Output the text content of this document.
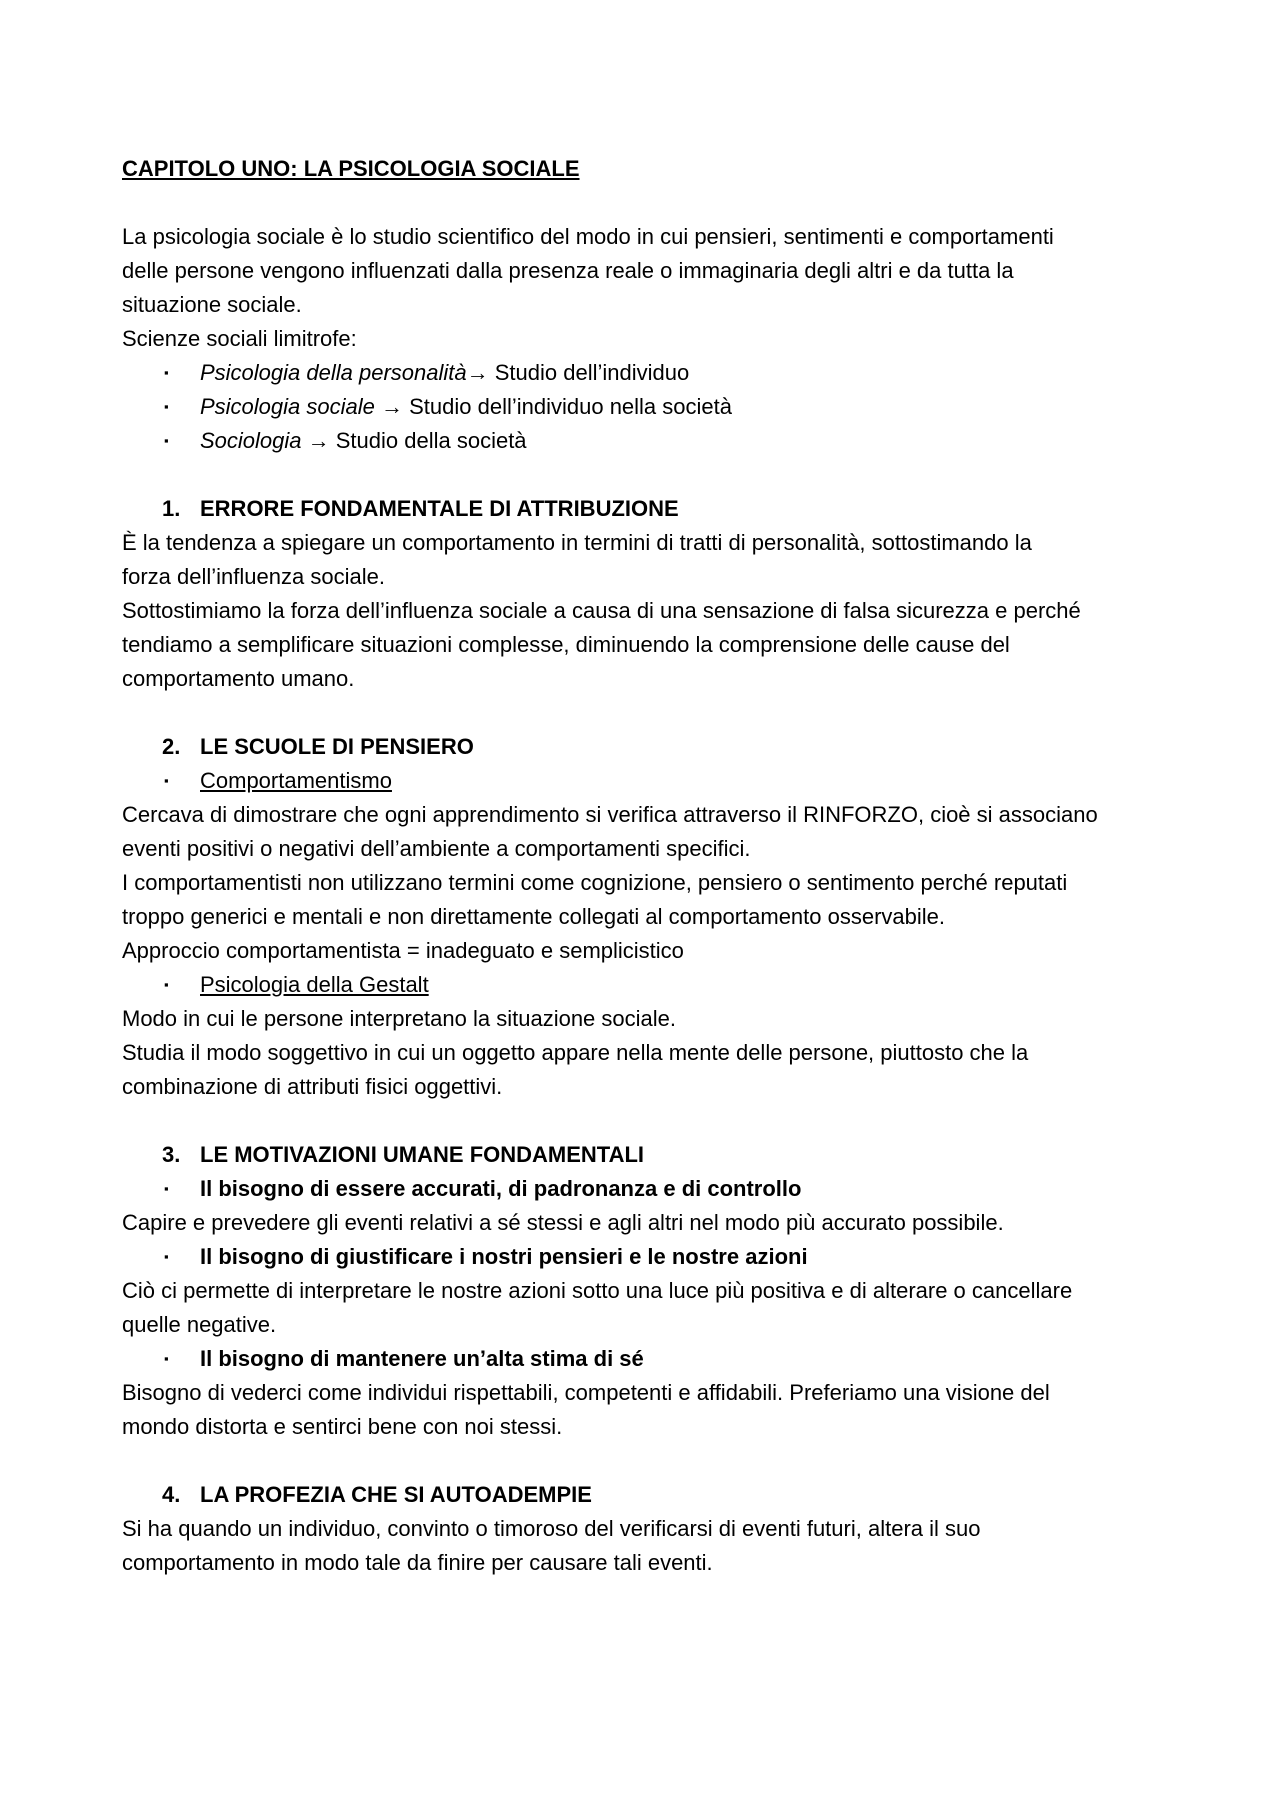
CAPITOLO UNO: LA PSICOLOGIA SOCIALE
La psicologia sociale è lo studio scientifico del modo in cui pensieri, sentimenti e comportamenti
delle persone vengono influenzati dalla presenza reale o immaginaria degli altri e da tutta la
situazione sociale.
Scienze sociali limitrofe:
▪ Psicologia della personalità→ Studio dell’individuo
▪ Psicologia sociale → Studio dell’individuo nella società
▪ Sociologia → Studio della società
1. ERRORE FONDAMENTALE DI ATTRIBUZIONE
È la tendenza a spiegare un comportamento in termini di tratti di personalità, sottostimando la
forza dell’influenza sociale.
Sottostimiamo la forza dell’influenza sociale a causa di una sensazione di falsa sicurezza e perché
tendiamo a semplificare situazioni complesse, diminuendo la comprensione delle cause del
comportamento umano.
2. LE SCUOLE DI PENSIERO
▪ Comportamentismo
Cercava di dimostrare che ogni apprendimento si verifica attraverso il RINFORZO, cioè si associano
eventi positivi o negativi dell’ambiente a comportamenti specifici.
I comportamentisti non utilizzano termini come cognizione, pensiero o sentimento perché reputati
troppo generici e mentali e non direttamente collegati al comportamento osservabile.
Approccio comportamentista = inadeguato e semplicistico
▪ Psicologia della Gestalt
Modo in cui le persone interpretano la situazione sociale.
Studia il modo soggettivo in cui un oggetto appare nella mente delle persone, piuttosto che la
combinazione di attributi fisici oggettivi.
3. LE MOTIVAZIONI UMANE FONDAMENTALI
▪ Il bisogno di essere accurati, di padronanza e di controllo
Capire e prevedere gli eventi relativi a sé stessi e agli altri nel modo più accurato possibile.
▪ Il bisogno di giustificare i nostri pensieri e le nostre azioni
Ciò ci permette di interpretare le nostre azioni sotto una luce più positiva e di alterare o cancellare
quelle negative.
▪ Il bisogno di mantenere un’alta stima di sé
Bisogno di vederci come individui rispettabili, competenti e affidabili. Preferiamo una visione del
mondo distorta e sentirci bene con noi stessi.
4. LA PROFEZIA CHE SI AUTOADEMPIE
Si ha quando un individuo, convinto o timoroso del verificarsi di eventi futuri, altera il suo
comportamento in modo tale da finire per causare tali eventi.
